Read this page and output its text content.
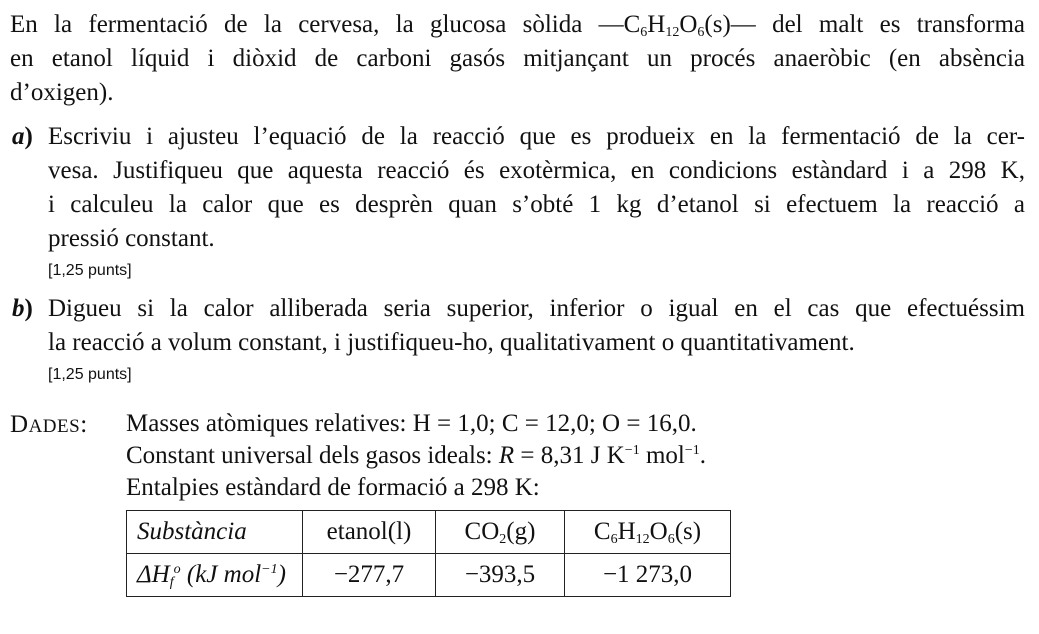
En la fermentació de la cervesa, la glucosa sòlida $—C_6H_{12}O_6(s)—$ del malt es transforma
en etanol líquid i diòxid de carboni gasós mitjançant un procés anaeròbic (en absència
d’oxigen).
a) Escriviu i ajusteu l’equació de la reacció que es produeix en la fermentació de la cer-
vesa. Justifiqueu que aquesta reacció és exotèrmica, en condicions estàndard i a 298 K,
i calculeu la calor que es desprèn quan s’obté 1 kg d’etanol si efectuem la reacció a
pressió constant.
[1,25 punts]
b) Digueu si la calor alliberada seria superior, inferior o igual en el cas que efectuéssim
la reacció a volum constant, i justifiqueu-ho, qualitativament o quantitativament.
[1,25 punts]
DADES: Masses atòmiques relatives: H = 1,0; C = 12,0; O = 16,0.
Constant universal dels gasos ideals: R = 8,31 J $K^{-1}$ mol$^{-1}$.
Entalpies estàndard de formació a 298 K:
Substància	etanol(l)	$CO_2(g)$	$C_6H_{12}O_6(s)$
$\Delta H_f^o$ (kJ mol$^{-1}$)	−277,7	−393,5	−1 273,0
